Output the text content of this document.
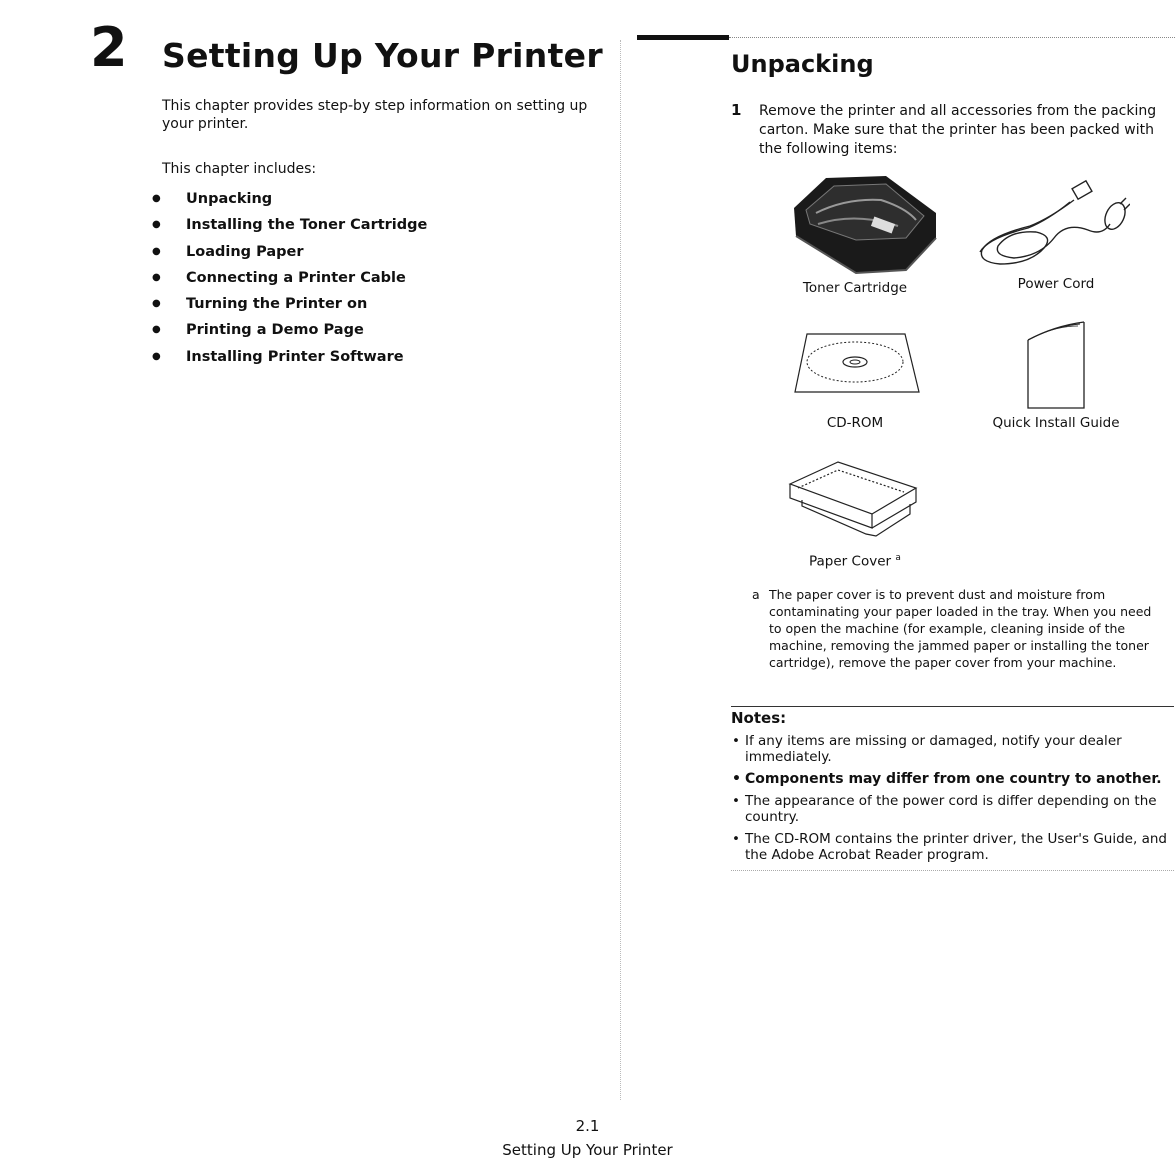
2 Setting Up Your Printer
This chapter provides step-by step information on setting up your printer.
This chapter includes:
● Unpacking
● Installing the Toner Cartridge
● Loading Paper
● Connecting a Printer Cable
● Turning the Printer on
● Printing a Demo Page
● Installing Printer Software
Unpacking
1 Remove the printer and all accessories from the packing carton. Make sure that the printer has been packed with the following items:
Toner Cartridge	Power Cord
CD-ROM	Quick Install Guide
Paper Cover $^a$
a The paper cover is to prevent dust and moisture from contaminating your paper loaded in the tray. When you need to open the machine (for example, cleaning inside of the machine, removing the jammed paper or installing the toner cartridge), remove the paper cover from your machine.
Notes:
• If any items are missing or damaged, notify your dealer immediately.
• Components may differ from one country to another.
• The appearance of the power cord is differ depending on the country.
• The CD-ROM contains the printer driver, the User's Guide, and the Adobe Acrobat Reader program.
2.1
Setting Up Your Printer
